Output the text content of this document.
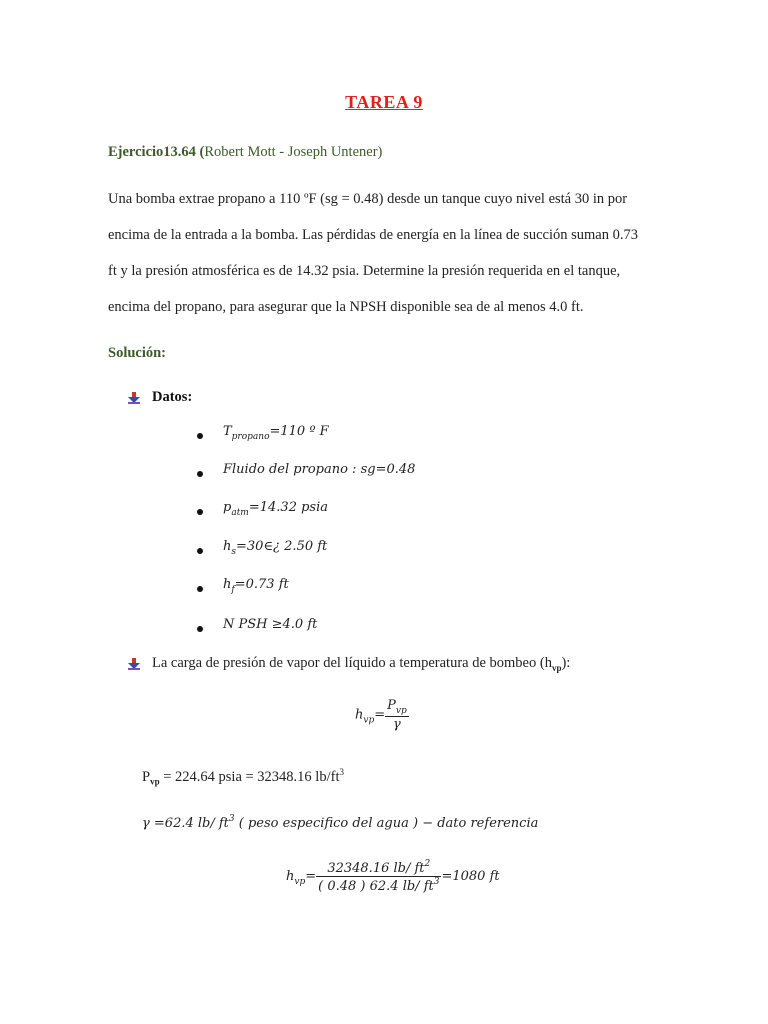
TAREA 9
Ejercicio13.64 (Robert Mott - Joseph Untener)
Una bomba extrae propano a 110 ºF (sg = 0.48) desde un tanque cuyo nivel está 30 in por
encima de la entrada a la bomba. Las pérdidas de energía en la línea de succión suman 0.73
ft y la presión atmosférica es de 14.32 psia. Determine la presión requerida en el tanque,
encima del propano, para asegurar que la NPSH disponible sea de al menos 4.0 ft.
Solución:
Datos:
$T_{propano}=110$ º F
Fluido del propano : sg=0.48
$p_{atm}=14.32$ psia
$h_s=30\in¿$ 2.50 ft
$h_f=0.73$ ft
N PSH ≥4.0 ft
La carga de presión de vapor del líquido a temperatura de bombeo $(h_{vp})$:
$h_{vp}= \frac{P_{vp}}{\gamma}$
$P_{vp} = 224.64$ psia = 32348.16 $lb/ft^3$
γ =62.4 lb/ $ft^3$ ( peso especifico del agua ) − dato referencia
$h_{vp}= \frac{32348.16 lb/ ft^2}{( 0.48 ) 62.4 lb/ ft^3} =1080$ ft
